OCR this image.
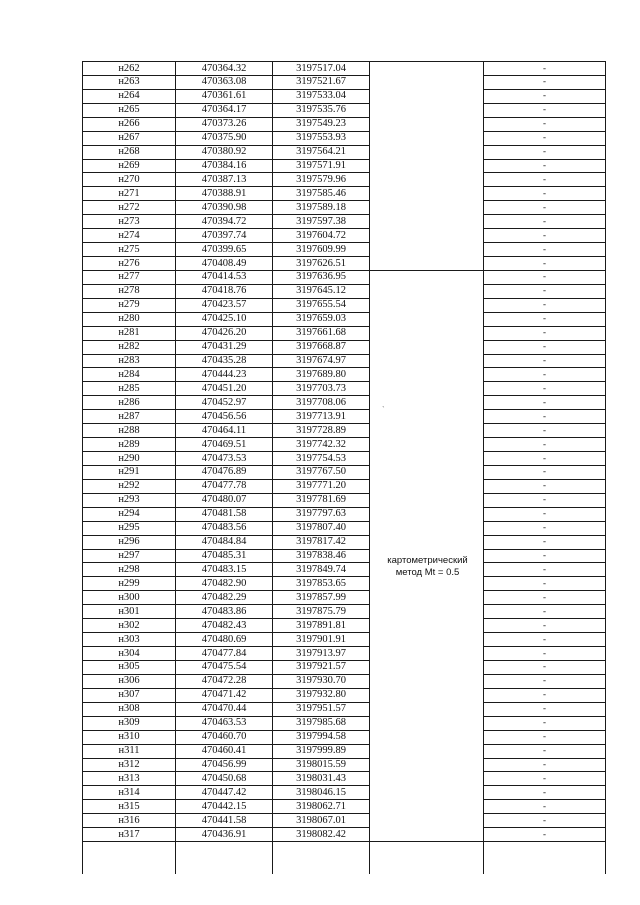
картометрический
метод Mt = 0.5
`
н262	470364.32	3197517.04	-
н263	470363.08	3197521.67	-
н264	470361.61	3197533.04	-
н265	470364.17	3197535.76	-
н266	470373.26	3197549.23	-
н267	470375.90	3197553.93	-
н268	470380.92	3197564.21	-
н269	470384.16	3197571.91	-
н270	470387.13	3197579.96	-
н271	470388.91	3197585.46	-
н272	470390.98	3197589.18	-
н273	470394.72	3197597.38	-
н274	470397.74	3197604.72	-
н275	470399.65	3197609.99	-
н276	470408.49	3197626.51	-
н277	470414.53	3197636.95	-
н278	470418.76	3197645.12	-
н279	470423.57	3197655.54	-
н280	470425.10	3197659.03	-
н281	470426.20	3197661.68	-
н282	470431.29	3197668.87	-
н283	470435.28	3197674.97	-
н284	470444.23	3197689.80	-
н285	470451.20	3197703.73	-
н286	470452.97	3197708.06	-
н287	470456.56	3197713.91	-
н288	470464.11	3197728.89	-
н289	470469.51	3197742.32	-
н290	470473.53	3197754.53	-
н291	470476.89	3197767.50	-
н292	470477.78	3197771.20	-
н293	470480.07	3197781.69	-
н294	470481.58	3197797.63	-
н295	470483.56	3197807.40	-
н296	470484.84	3197817.42	-
н297	470485.31	3197838.46	-
н298	470483.15	3197849.74	-
н299	470482.90	3197853.65	-
н300	470482.29	3197857.99	-
н301	470483.86	3197875.79	-
н302	470482.43	3197891.81	-
н303	470480.69	3197901.91	-
н304	470477.84	3197913.97	-
н305	470475.54	3197921.57	-
н306	470472.28	3197930.70	-
н307	470471.42	3197932.80	-
н308	470470.44	3197951.57	-
н309	470463.53	3197985.68	-
н310	470460.70	3197994.58	-
н311	470460.41	3197999.89	-
н312	470456.99	3198015.59	-
н313	470450.68	3198031.43	-
н314	470447.42	3198046.15	-
н315	470442.15	3198062.71	-
н316	470441.58	3198067.01	-
н317	470436.91	3198082.42	-
